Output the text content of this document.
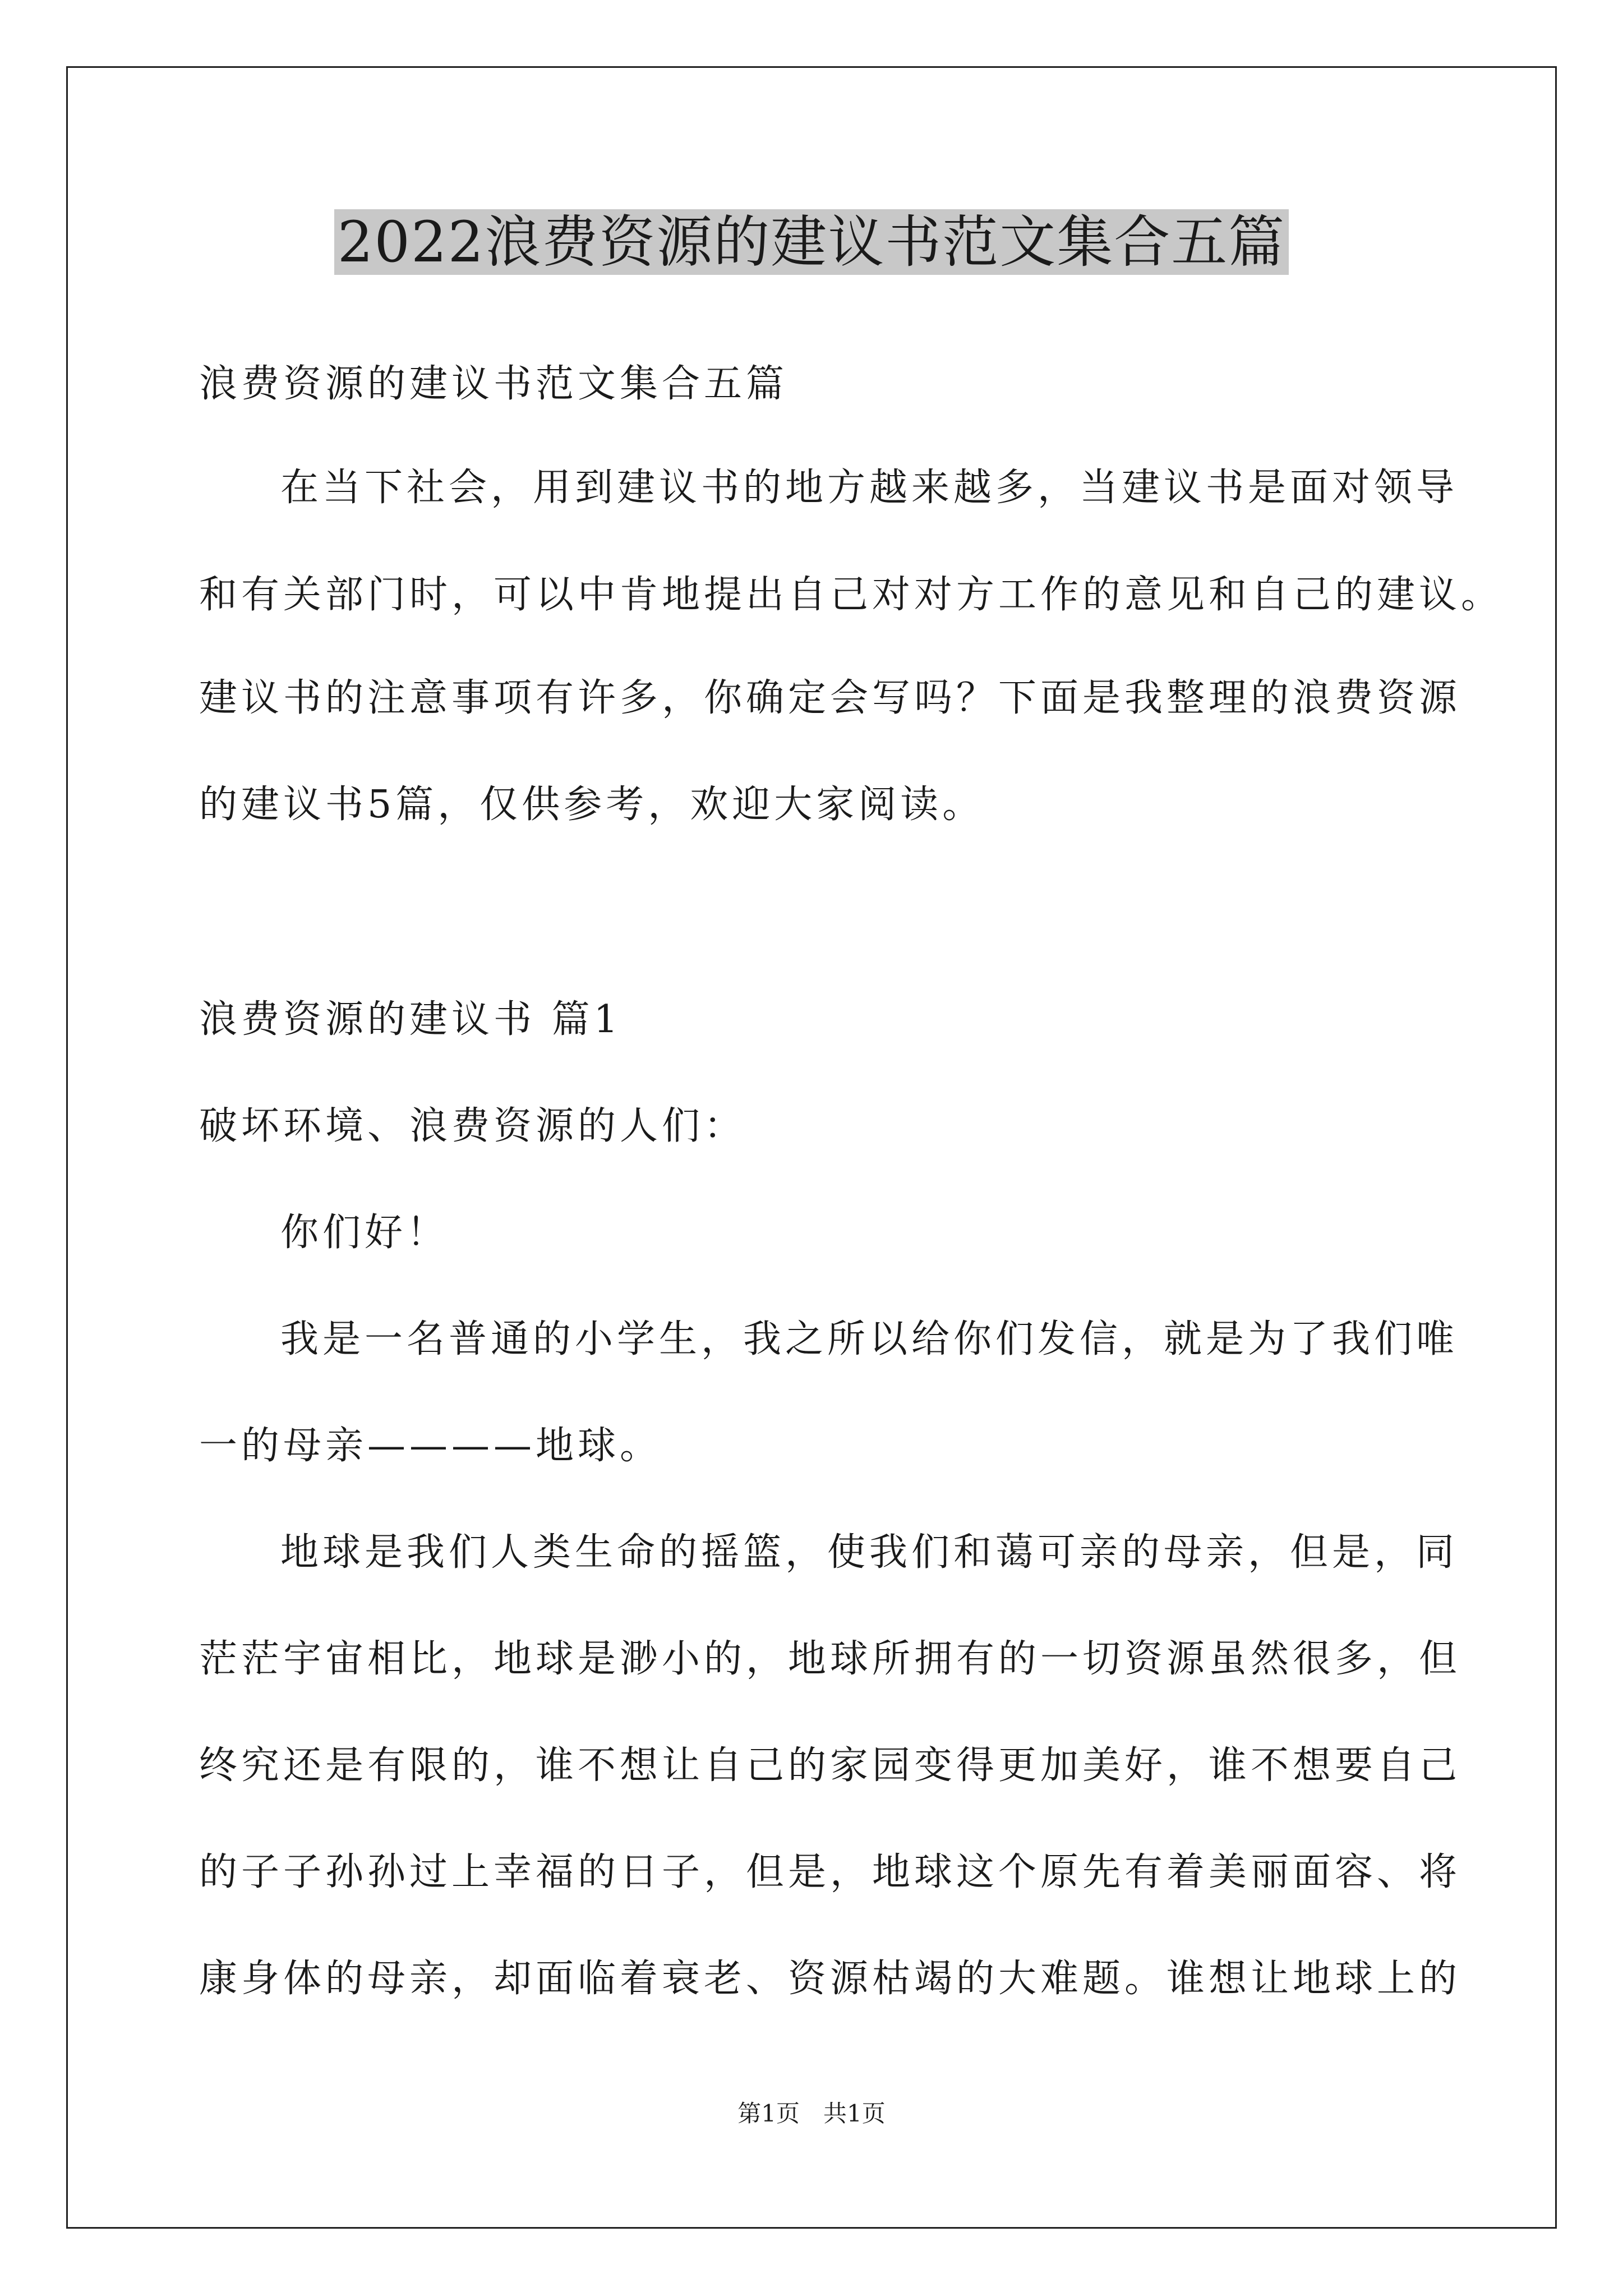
2022浪费资源的建议书范文集合五篇
浪费资源的建议书范文集合五篇
在当下社会，用到建议书的地方越来越多，当建议书是面对领导
和有关部门时，可以中肯地提出自己对对方工作的意见和自己的建议。
建议书的注意事项有许多，你确定会写吗？下面是我整理的浪费资源
的建议书5篇，仅供参考，欢迎大家阅读。
浪费资源的建议书 篇1
破坏环境、浪费资源的人们：
你们好！
我是一名普通的小学生，我之所以给你们发信，就是为了我们唯
一的母亲————地球。
地球是我们人类生命的摇篮，使我们和蔼可亲的母亲，但是，同
茫茫宇宙相比，地球是渺小的，地球所拥有的一切资源虽然很多，但
终究还是有限的，谁不想让自己的家园变得更加美好，谁不想要自己
的子子孙孙过上幸福的日子，但是，地球这个原先有着美丽面容、将
康身体的母亲，却面临着衰老、资源枯竭的大难题。谁想让地球上的
第1页　共1页
